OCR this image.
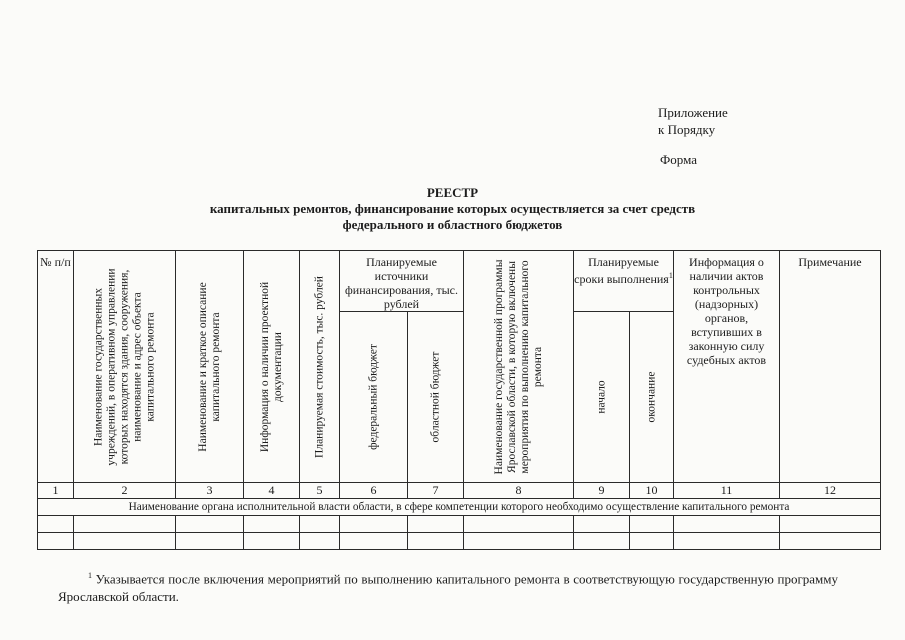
Приложение
к Порядку
Форма
РЕЕСТР
капитальных ремонтов, финансирование которых осуществляется за счет средств
федерального и областного бюджетов
№ п/п	Наименование государственных учреждений, в оперативном управлении которых находятся здания, сооружения, наименование и адрес объекта капитального ремонта	Наименование и краткое описание капитального ремонта	Информация о наличии проектной документации	Планируемая стоимость, тыс. рублей	Планируемые источники финансирования, тыс. рублей		Наименование государственной программы Ярославской области, в которую включены мероприятия по выполнению капитального ремонта	Планируемые сроки выполнения$^1$		Информация о наличии актов контрольных (надзорных) органов, вступивших в законную силу судебных актов	Примечание

					федеральный бюджет	областной бюджет		начало	окончание		

1	2	3	4	5	6	7	8	9	10	11	12
Наименование органа исполнительной власти области, в сфере компетенции которого необходимо осуществление капитального ремонта											

$^1$ Указывается после включения мероприятий по выполнению капитального ремонта в соответствующую государственную программу Ярославской области.
